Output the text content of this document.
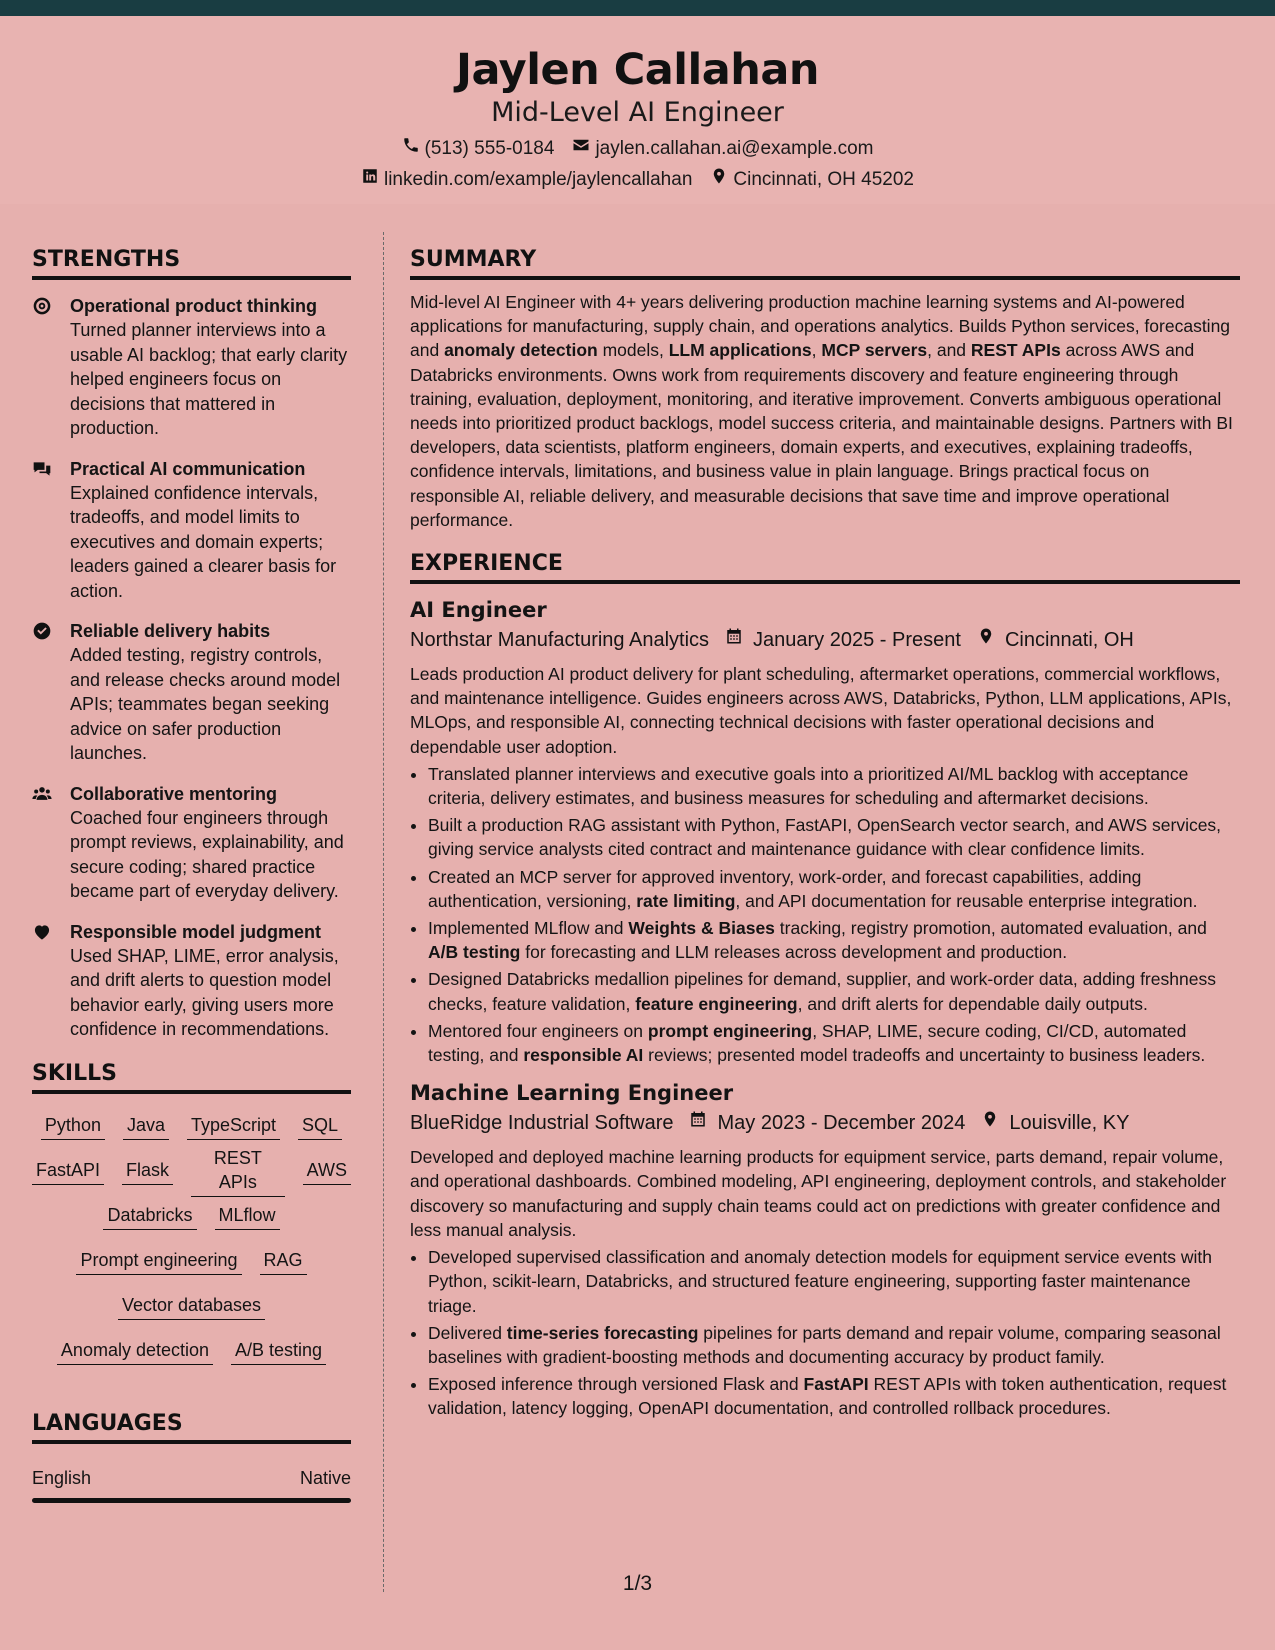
Jaylen Callahan
Mid-Level AI Engineer
(513) 555-0184 jaylen.callahan.ai@example.com
linkedin.com/example/jaylencallahan Cincinnati, OH 45202
STRENGTHS
Operational product thinking
Turned planner interviews into a usable AI backlog; that early clarity helped engineers focus on decisions that mattered in production.
Practical AI communication
Explained confidence intervals, tradeoffs, and model limits to executives and domain experts; leaders gained a clearer basis for action.
Reliable delivery habits
Added testing, registry controls, and release checks around model APIs; teammates began seeking advice on safer production launches.
Collaborative mentoring
Coached four engineers through prompt reviews, explainability, and secure coding; shared practice became part of everyday delivery.
Responsible model judgment
Used SHAP, LIME, error analysis, and drift alerts to question model behavior early, giving users more confidence in recommendations.
SKILLS
Python Java TypeScript SQL
FastAPI Flask
REST APIs
AWS
Databricks MLflow
Prompt engineering RAG
Vector databases
Anomaly detection A/B testing
LANGUAGES
English	Native
SUMMARY

Mid-level AI Engineer with 4+ years delivering production machine learning systems and AI-powered applications for manufacturing, supply chain, and operations analytics. Builds Python services, forecasting and anomaly detection models, LLM applications, MCP servers, and REST APIs across AWS and Databricks environments. Owns work from requirements discovery and feature engineering through training, evaluation, deployment, monitoring, and iterative improvement. Converts ambiguous operational needs into prioritized product backlogs, model success criteria, and maintainable designs. Partners with BI developers, data scientists, platform engineers, domain experts, and executives, explaining tradeoffs, confidence intervals, limitations, and business value in plain language. Brings practical focus on responsible AI, reliable delivery, and measurable decisions that save time and improve operational performance.

EXPERIENCE
AI Engineer
Northstar Manufacturing Analytics January 2025 - Present Cincinnati, OH

Leads production AI product delivery for plant scheduling, aftermarket operations, commercial workflows, and maintenance intelligence. Guides engineers across AWS, Databricks, Python, LLM applications, APIs, MLOps, and responsible AI, connecting technical decisions with faster operational decisions and dependable user adoption.

• Translated planner interviews and executive goals into a prioritized AI/ML backlog with acceptance criteria, delivery estimates, and business measures for scheduling and aftermarket decisions.
• Built a production RAG assistant with Python, FastAPI, OpenSearch vector search, and AWS services, giving service analysts cited contract and maintenance guidance with clear confidence limits.
• Created an MCP server for approved inventory, work-order, and forecast capabilities, adding authentication, versioning, rate limiting, and API documentation for reusable enterprise integration.
• Implemented MLflow and Weights & Biases tracking, registry promotion, automated evaluation, and A/B testing for forecasting and LLM releases across development and production.
• Designed Databricks medallion pipelines for demand, supplier, and work-order data, adding freshness checks, feature validation, feature engineering, and drift alerts for dependable daily outputs.
• Mentored four engineers on prompt engineering, SHAP, LIME, secure coding, CI/CD, automated testing, and responsible AI reviews; presented model tradeoffs and uncertainty to business leaders.
Machine Learning Engineer
BlueRidge Industrial Software May 2023 - December 2024 Louisville, KY

Developed and deployed machine learning products for equipment service, parts demand, repair volume, and operational dashboards. Combined modeling, API engineering, deployment controls, and stakeholder discovery so manufacturing and supply chain teams could act on predictions with greater confidence and less manual analysis.

• Developed supervised classification and anomaly detection models for equipment service events with Python, scikit-learn, Databricks, and structured feature engineering, supporting faster maintenance triage.
• Delivered time-series forecasting pipelines for parts demand and repair volume, comparing seasonal baselines with gradient-boosting methods and documenting accuracy by product family.
• Exposed inference through versioned Flask and FastAPI REST APIs with token authentication, request validation, latency logging, OpenAPI documentation, and controlled rollback procedures.
1/3
